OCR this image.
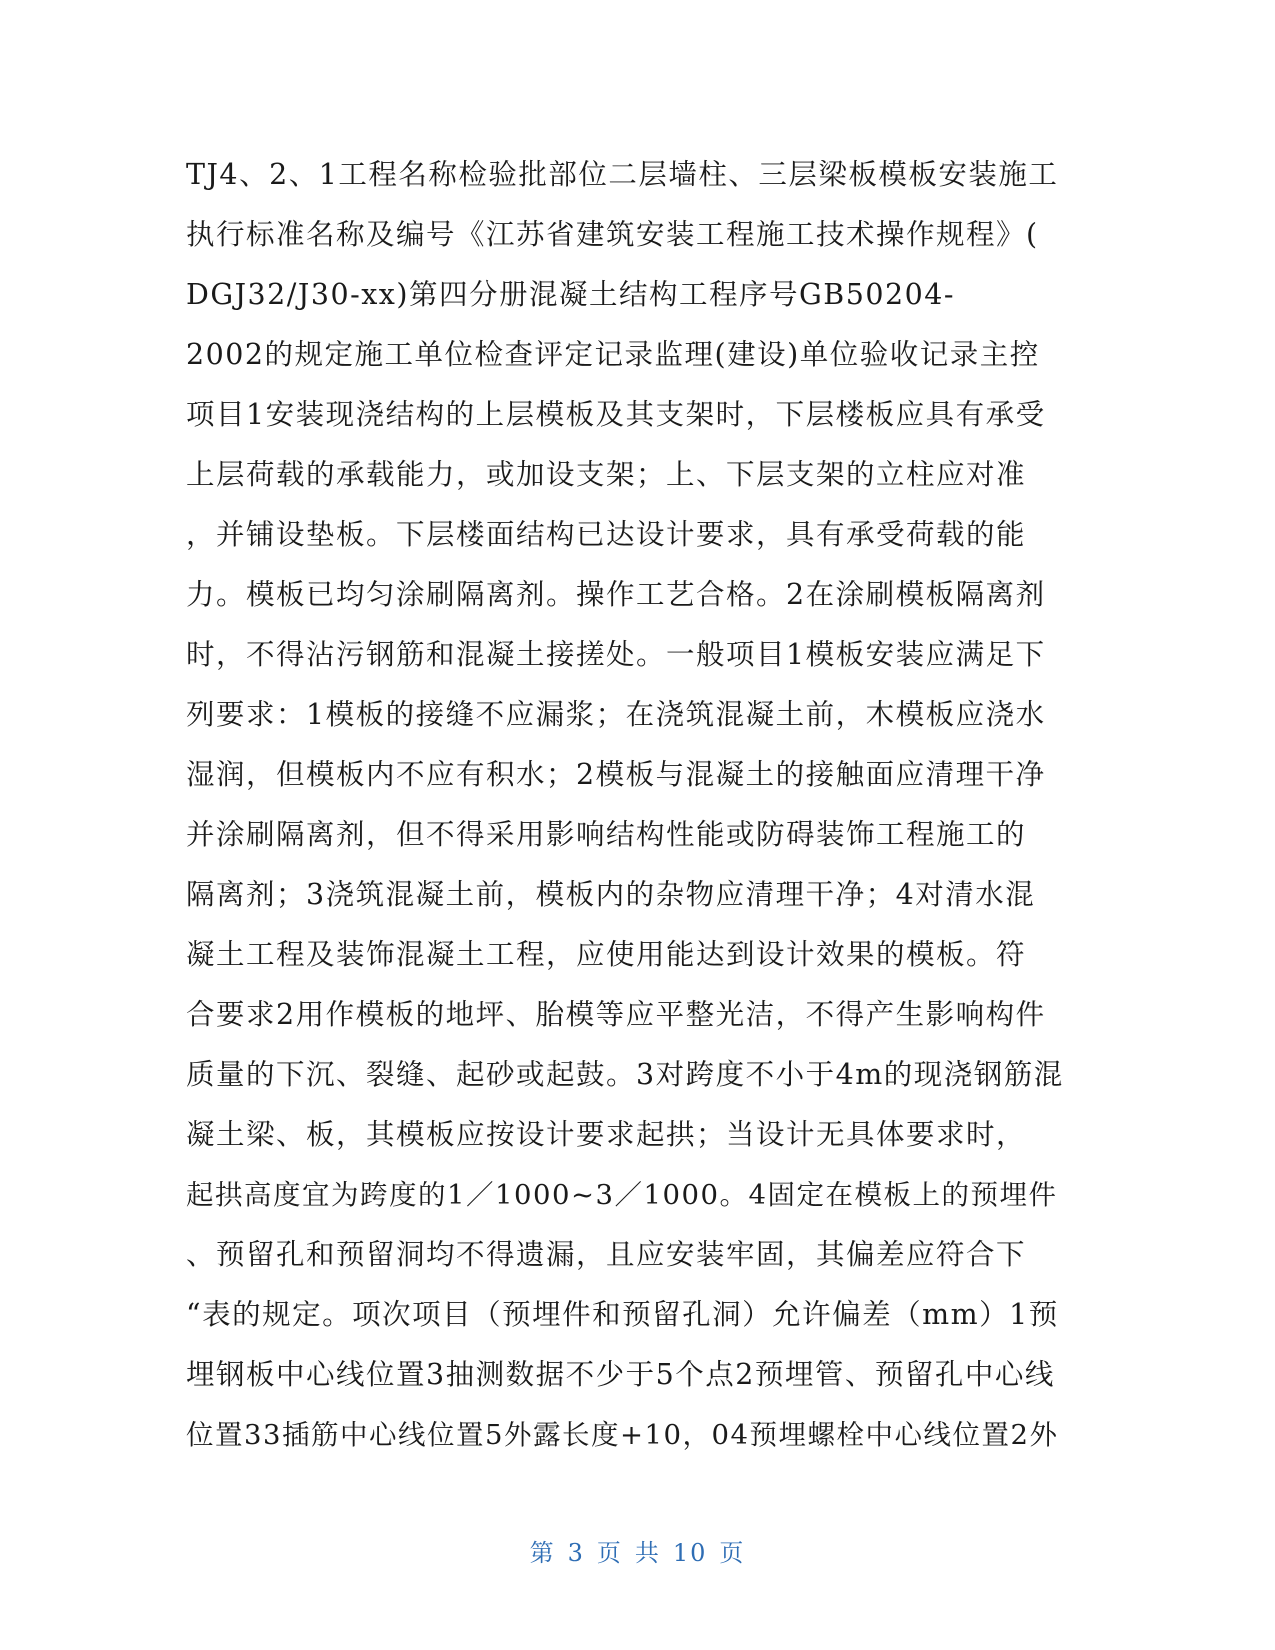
TJ4、2、1工程名称检验批部位二层墙柱、三层梁板模板安装施工
执行标准名称及编号《江苏省建筑安装工程施工技术操作规程》(
DGJ32/J30-xx)第四分册混凝土结构工程序号GB50204-
2002的规定施工单位检查评定记录监理(建设)单位验收记录主控
项目1安装现浇结构的上层模板及其支架时，下层楼板应具有承受
上层荷载的承载能力，或加设支架；上、下层支架的立柱应对准
，并铺设垫板。下层楼面结构已达设计要求，具有承受荷载的能
力。模板已均匀涂刷隔离剂。操作工艺合格。2在涂刷模板隔离剂
时，不得沾污钢筋和混凝土接搓处。一般项目1模板安装应满足下
列要求：1模板的接缝不应漏浆；在浇筑混凝土前，木模板应浇水
湿润，但模板内不应有积水；2模板与混凝土的接触面应清理干净
并涂刷隔离剂，但不得采用影响结构性能或防碍装饰工程施工的
隔离剂；3浇筑混凝土前，模板内的杂物应清理干净；4对清水混
凝土工程及装饰混凝土工程，应使用能达到设计效果的模板。符
合要求2用作模板的地坪、胎模等应平整光洁，不得产生影响构件
质量的下沉、裂缝、起砂或起鼓。3对跨度不小于4m的现浇钢筋混
凝土梁、板，其模板应按设计要求起拱；当设计无具体要求时，
起拱高度宜为跨度的1／1000~3／1000。4固定在模板上的预埋件
、预留孔和预留洞均不得遗漏，且应安装牢固，其偏差应符合下
“表的规定。项次项目（预埋件和预留孔洞）允许偏差（mm）1预
埋钢板中心线位置3抽测数据不少于5个点2预埋管、预留孔中心线
位置33插筋中心线位置5外露长度+10，04预埋螺栓中心线位置2外
第 3 页 共 10 页
